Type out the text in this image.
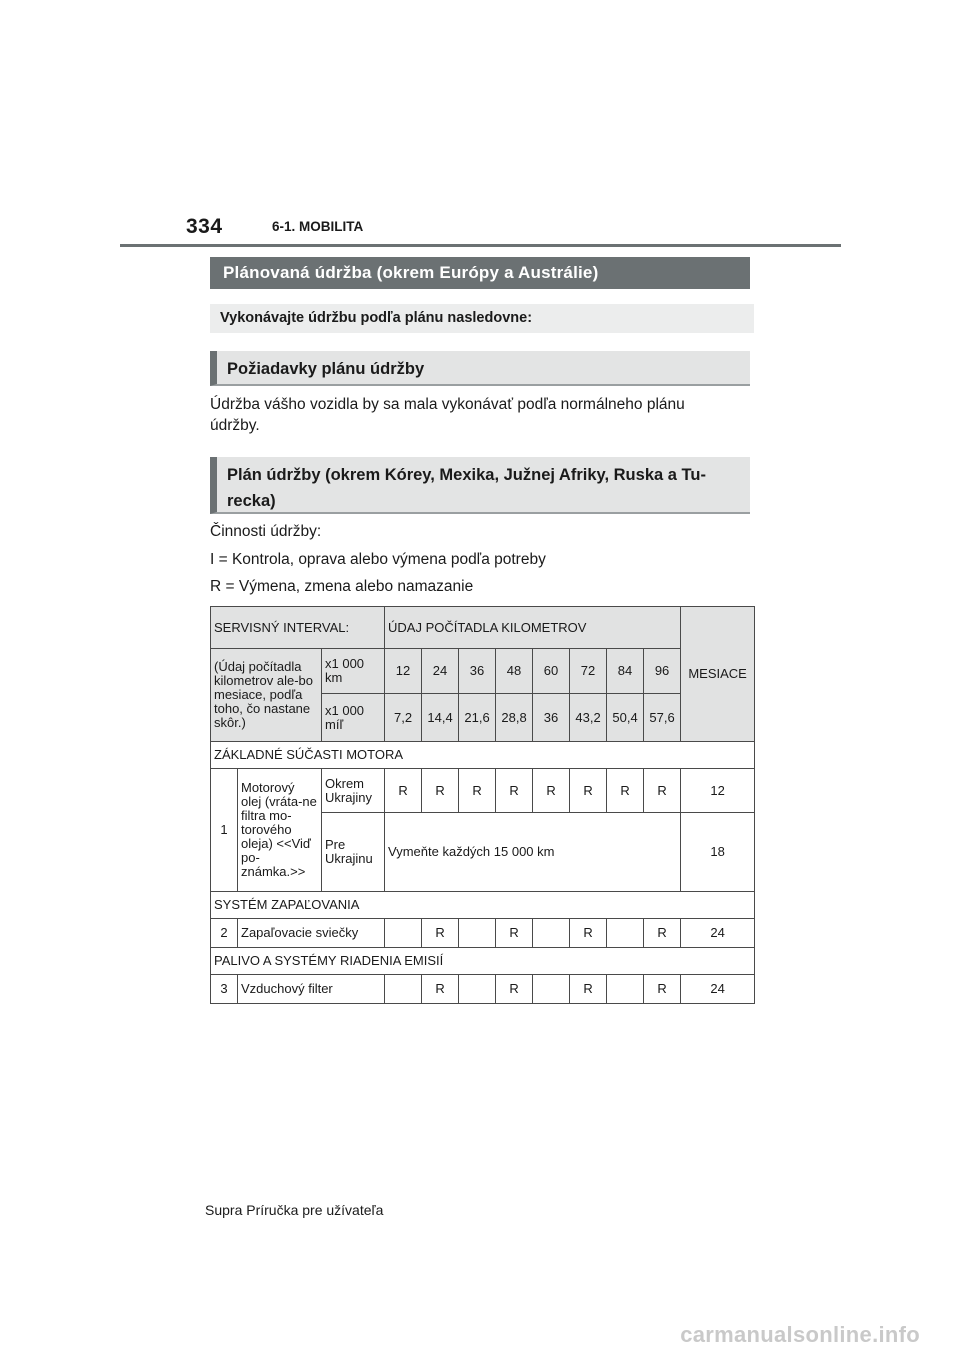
334	6-1. MOBILITA
Plánovaná údržba (okrem Európy a Austrálie)
Vykonávajte údržbu podľa plánu nasledovne:
Požiadavky plánu údržby
Údržba vášho vozidla by sa mala vykonávať podľa normálneho plánu údržby.
Plán údržby (okrem Kórey, Mexika, Južnej Afriky, Ruska a Tu-recka)
Činnosti údržby:
I = Kontrola, oprava alebo výmena podľa potreby
R = Výmena, zmena alebo namazanie
SERVISNÝ INTERVAL:			ÚDAJ POČÍTADLA KILOMETROV								MESIACE
(Údaj počítadla kilometrov ale-bo mesiace, podľa toho, čo nastane skôr.)		x1 000 km	12	24	36	48	60	72	84	96	
		x1 000 míľ	7,2	14,4	21,6	28,8	36	43,2	50,4	57,6	
ZÁKLADNÉ SÚČASTI MOTORA											
1	Motorový olej (vráta-ne filtra mo-torového oleja) <<Viď po-známka.>>	Okrem Ukrajiny	R	R	R	R	R	R	R	R	12
		Pre Ukrajinu	Vymeňte každých 15 000 km								18
SYSTÉM ZAPAĽOVANIA											
2	Zapaľovacie sviečky			R		R		R		R	24
PALIVO A SYSTÉMY RIADENIA EMISIÍ											
3	Vzduchový filter			R		R		R		R	24
Supra Príručka pre užívateľa
carmanualsonline.info
